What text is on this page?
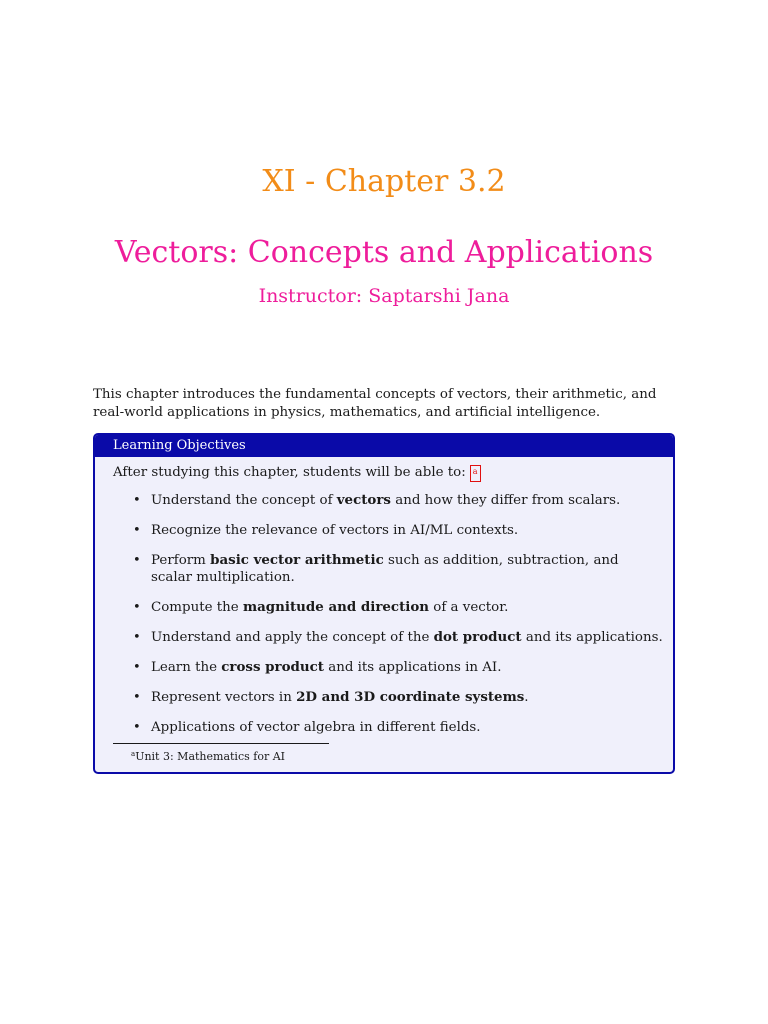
XI - Chapter 3.2
Vectors: Concepts and Applications
Instructor: Saptarshi Jana
This chapter introduces the fundamental concepts of vectors, their arithmetic, and real-world applications in physics, mathematics, and artificial intelligence.
Learning Objectives
After studying this chapter, students will be able to: a
• Understand the concept of vectors and how they differ from scalars.
• Recognize the relevance of vectors in AI/ML contexts.
• Perform basic vector arithmetic such as addition, subtraction, and scalar multiplication.
• Compute the magnitude and direction of a vector.
• Understand and apply the concept of the dot product and its applications.
• Learn the cross product and its applications in AI.
• Represent vectors in 2D and 3D coordinate systems.
• Applications of vector algebra in different fields.
$^a$Unit 3: Mathematics for AI
